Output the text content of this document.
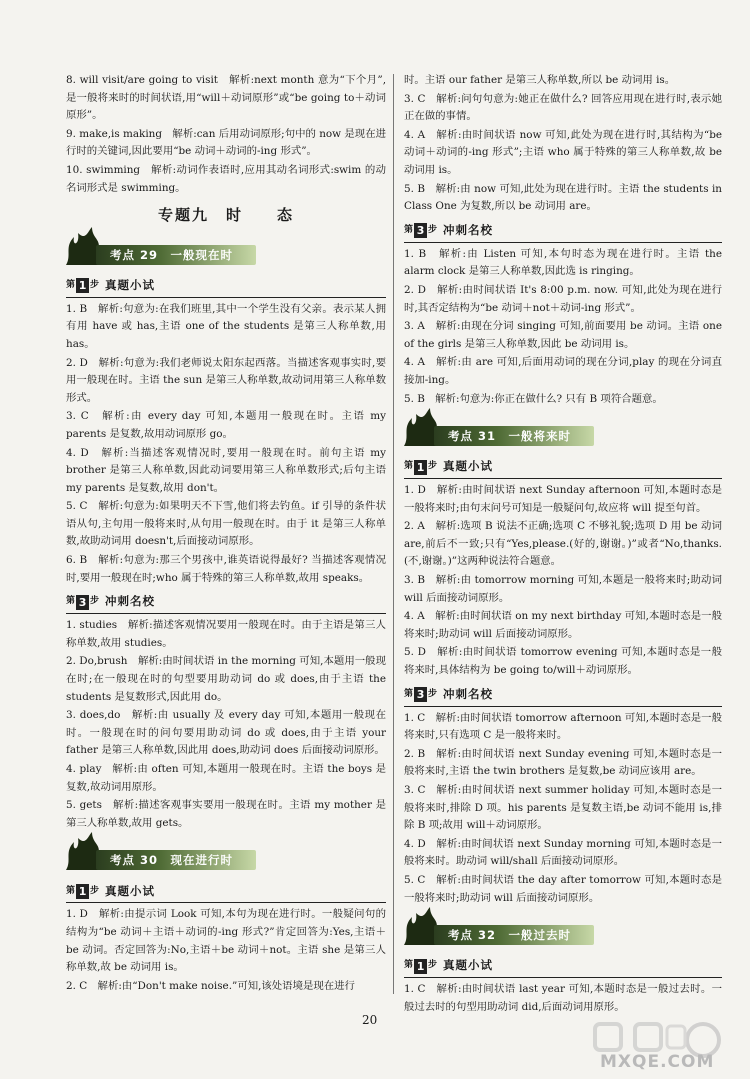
8. will visit/are going to visit　解析:next month 意为“下个月”,是一般将来时的时间状语,用“will＋动词原形”或“be going to＋动词原形”。

9. make,is making　解析:can 后用动词原形;句中的 now 是现在进行时的关键词,因此要用“be 动词＋动词的-ing 形式”。

10. swimming　解析:动词作表语时,应用其动名词形式:swim 的动名词形式是 swimming。

专题九　时　　态
考点 29　一般现在时
第 1 步 真题小试

1. B　解析:句意为:在我们班里,其中一个学生没有父亲。表示某人拥有用 have 或 has,主语 one of the students 是第三人称单数,用 has。

2. D　解析:句意为:我们老师说太阳东起西落。当描述客观事实时,要用一般现在时。主语 the sun 是第三人称单数,故动词用第三人称单数形式。

3. C　解析:由 every day 可知,本题用一般现在时。主语 my parents 是复数,故用动词原形 go。

4. D　解析:当描述客观情况时,要用一般现在时。前句主语 my brother 是第三人称单数,因此动词要用第三人称单数形式;后句主语 my parents 是复数,故用 don't。

5. C　解析:句意为:如果明天不下雪,他们将去钓鱼。if 引导的条件状语从句,主句用一般将来时,从句用一般现在时。由于 it 是第三人称单数,故助动词用 doesn't,后面接动词原形。

6. B　解析:句意为:那三个男孩中,谁英语说得最好? 当描述客观情况时,要用一般现在时;who 属于特殊的第三人称单数,故用 speaks。

第 3 步 冲刺名校

1. studies　解析:描述客观情况要用一般现在时。由于主语是第三人称单数,故用 studies。

2. Do,brush　解析:由时间状语 in the morning 可知,本题用一般现在时;在一般现在时的句型要用助动词 do 或 does,由于主语 the students 是复数形式,因此用 do。

3. does,do　解析:由 usually 及 every day 可知,本题用一般现在时。一般现在时的问句要用助动词 do 或 does,由于主语 your father 是第三人称单数,因此用 does,助动词 does 后面接动词原形。

4. play　解析:由 often 可知,本题用一般现在时。主语 the boys 是复数,故动词用原形。

5. gets　解析:描述客观事实要用一般现在时。主语 my mother 是第三人称单数,故用 gets。

考点 30　现在进行时
第 1 步 真题小试

1. D　解析:由提示词 Look 可知,本句为现在进行时。一般疑问句的结构为“be 动词＋主语＋动词的-ing 形式?”肯定回答为:Yes,主语＋be 动词。否定回答为:No,主语＋be 动词＋not。主语 she 是第三人称单数,故 be 动词用 is。

2. C　解析:由“Don't make noise.”可知,该处语境是现在进行

时。主语 our father 是第三人称单数,所以 be 动词用 is。

3. C　解析:问句句意为:她正在做什么? 回答应用现在进行时,表示她正在做的事情。

4. A　解析:由时间状语 now 可知,此处为现在进行时,其结构为“be 动词＋动词的-ing 形式”;主语 who 属于特殊的第三人称单数,故 be 动词用 is。

5. B　解析:由 now 可知,此处为现在进行时。主语 the students in Class One 为复数,所以 be 动词用 are。

第 3 步 冲刺名校

1. B　解析:由 Listen 可知,本句时态为现在进行时。主语 the alarm clock 是第三人称单数,因此选 is ringing。

2. D　解析:由时间状语 It's 8:00 p.m. now. 可知,此处为现在进行时,其否定结构为“be 动词＋not＋动词-ing 形式”。

3. A　解析:由现在分词 singing 可知,前面要用 be 动词。主语 one of the girls 是第三人称单数,因此 be 动词用 is。

4. A　解析:由 are 可知,后面用动词的现在分词,play 的现在分词直接加-ing。

5. B　解析:句意为:你正在做什么? 只有 B 项符合题意。

考点 31　一般将来时
第 1 步 真题小试

1. D　解析:由时间状语 next Sunday afternoon 可知,本题时态是一般将来时;由句末问号可知是一般疑问句,故应将 will 提至句首。

2. A　解析:选项 B 说法不正确;选项 C 不够礼貌;选项 D 用 be 动词 are,前后不一致;只有“Yes,please.(好的,谢谢。)”或者“No,thanks.(不,谢谢。)”这两种说法符合题意。

3. B　解析:由 tomorrow morning 可知,本题是一般将来时;助动词 will 后面接动词原形。

4. A　解析:由时间状语 on my next birthday 可知,本题时态是一般将来时;助动词 will 后面接动词原形。

5. D　解析:由时间状语 tomorrow evening 可知,本题时态是一般将来时,具体结构为 be going to/will＋动词原形。

第 3 步 冲刺名校

1. C　解析:由时间状语 tomorrow afternoon 可知,本题时态是一般将来时,只有选项 C 是一般将来时。

2. B　解析:由时间状语 next Sunday evening 可知,本题时态是一般将来时,主语 the twin brothers 是复数,be 动词应该用 are。

3. C　解析:由时间状语 next summer holiday 可知,本题时态是一般将来时,排除 D 项。his parents 是复数主语,be 动词不能用 is,排除 B 项;故用 will＋动词原形。

4. D　解析:由时间状语 next Sunday morning 可知,本题时态是一般将来时。助动词 will/shall 后面接动词原形。

5. C　解析:由时间状语 the day after tomorrow 可知,本题时态是一般将来时;助动词 will 后面接动词原形。

考点 32　一般过去时
第 1 步 真题小试

1. C　解析:由时间状语 last year 可知,本题时态是一般过去时。一般过去时的句型用助动词 did,后面动词用原形。

20
MXQE.COM
